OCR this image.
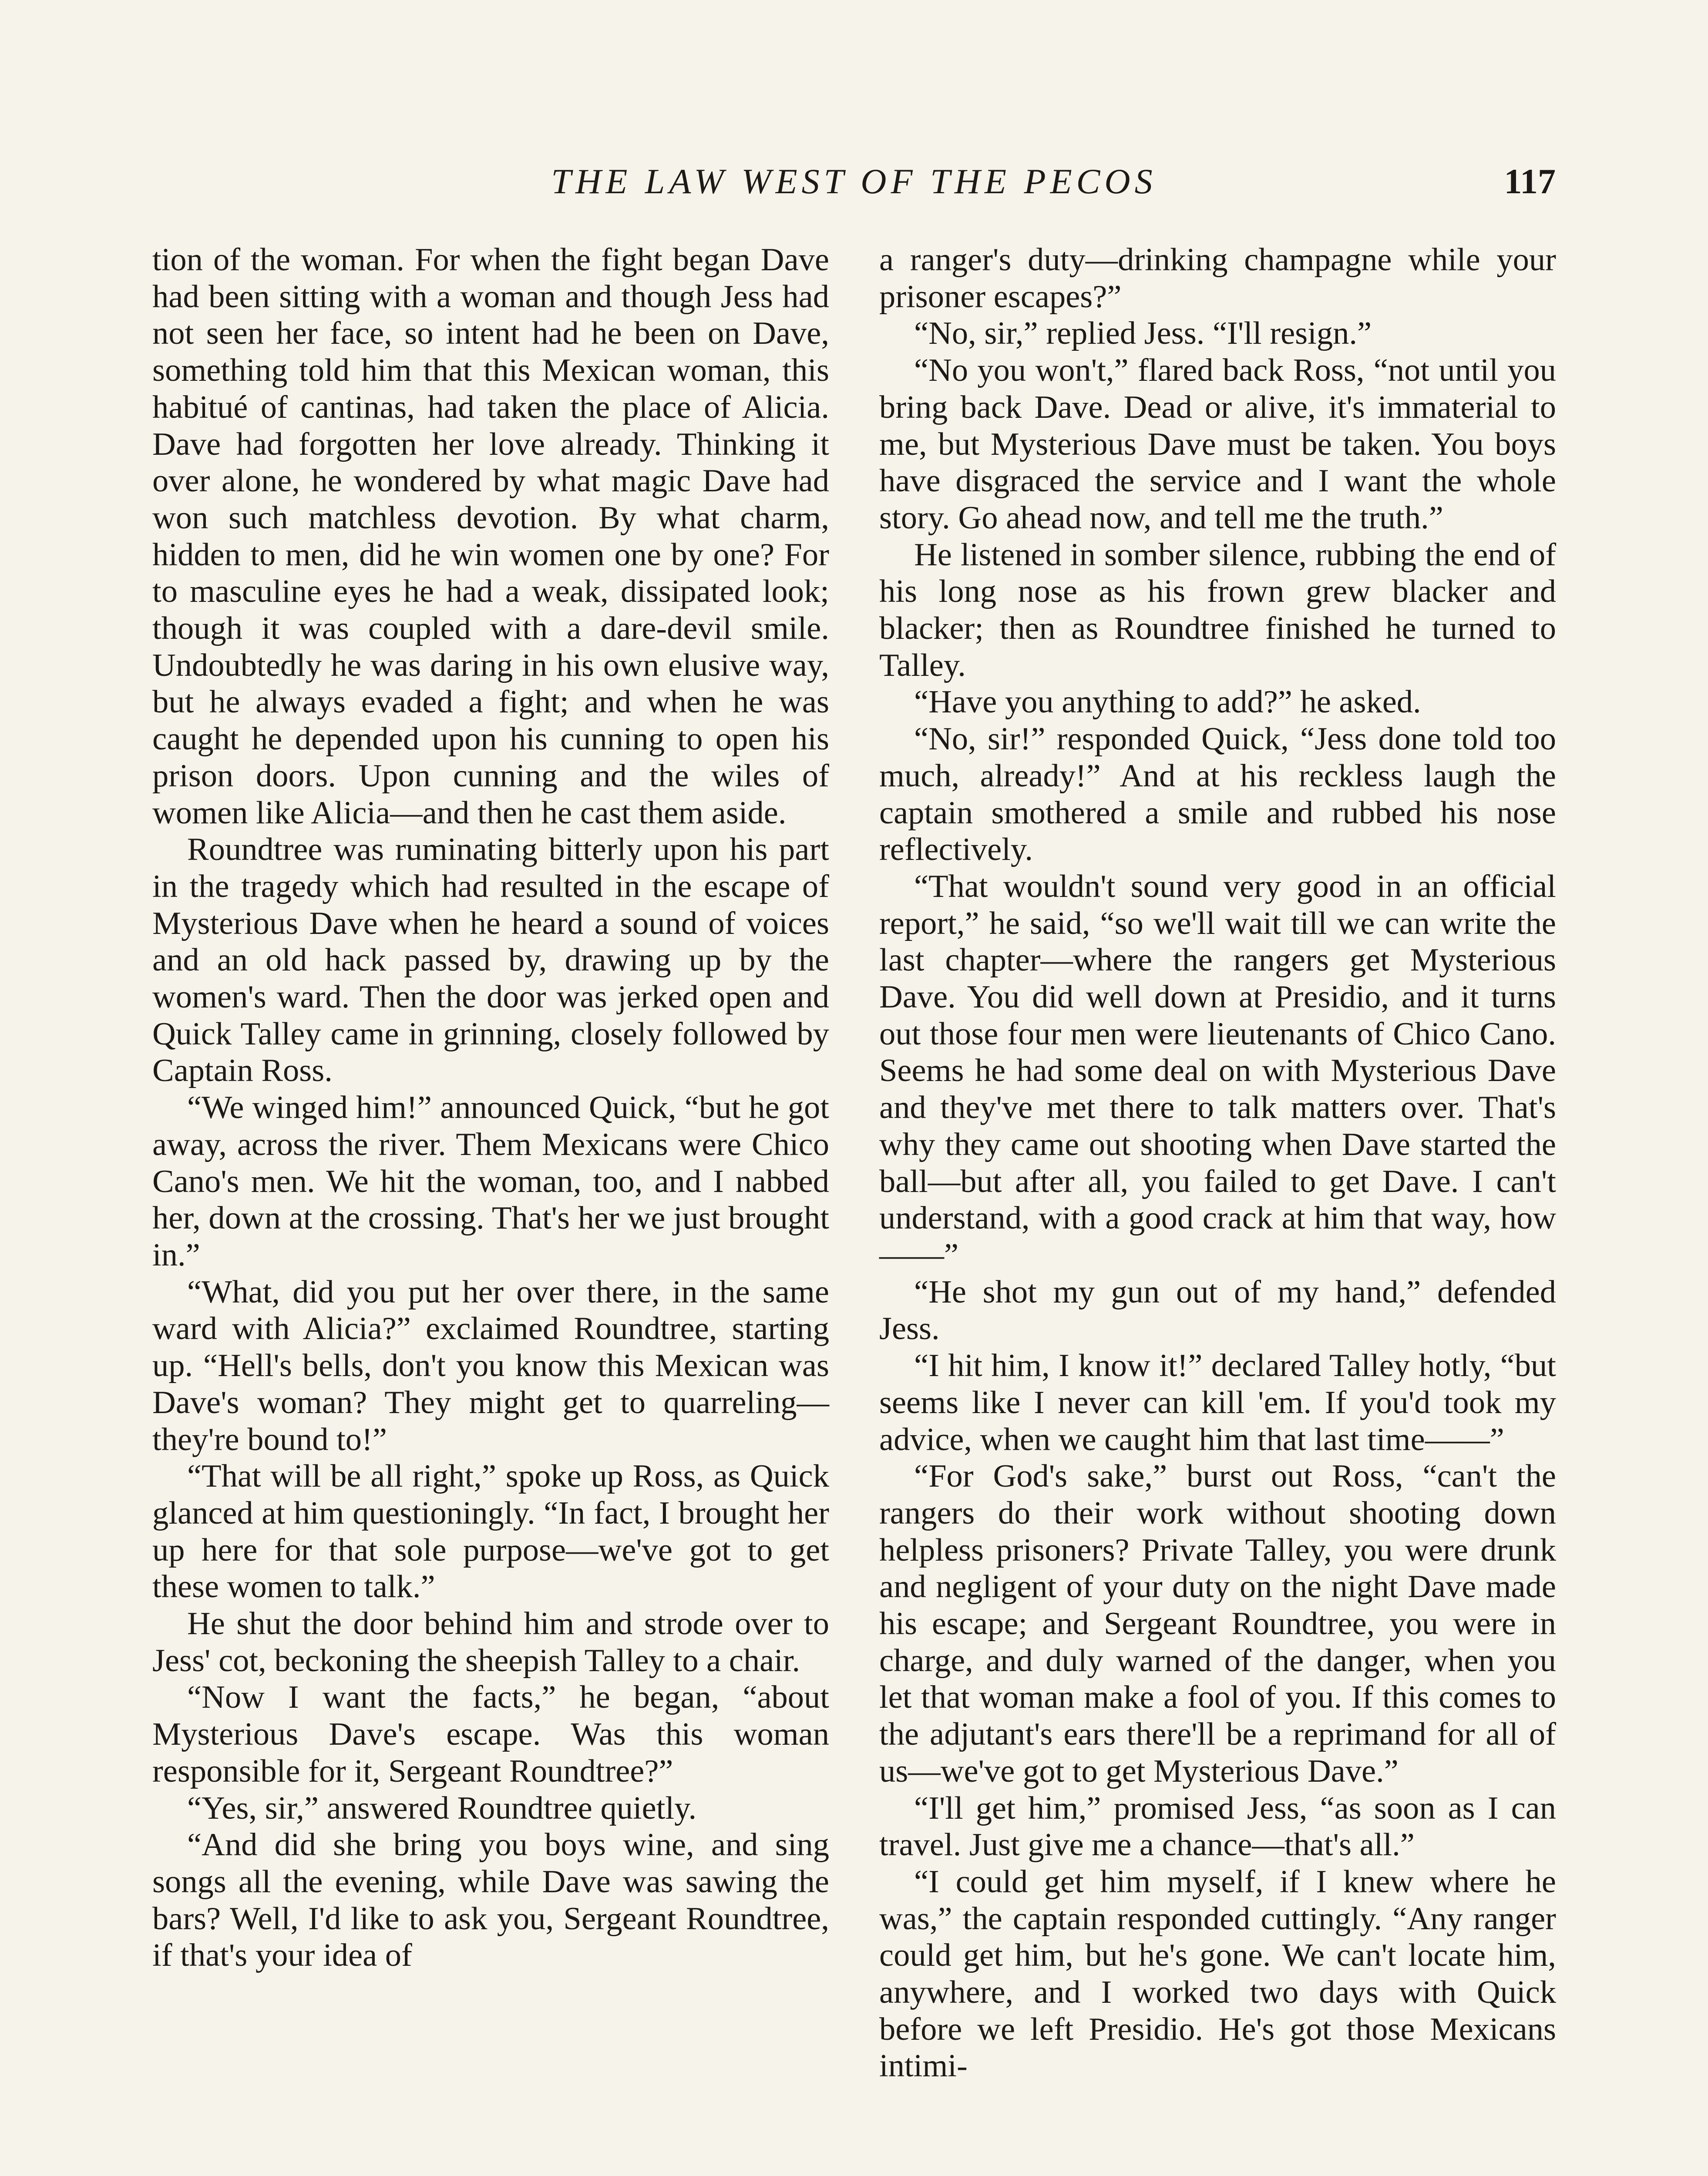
THE LAW WEST OF THE PECOS	117

tion of the woman. For when the fight began Dave had been sitting with a woman and though Jess had not seen her face, so intent had he been on Dave, something told him that this Mexican woman, this habitué of cantinas, had taken the place of Alicia. Dave had forgotten her love already. Thinking it over alone, he wondered by what magic Dave had won such matchless devotion. By what charm, hidden to men, did he win women one by one? For to masculine eyes he had a weak, dissipated look; though it was coupled with a dare-devil smile. Undoubtedly he was daring in his own elusive way, but he always evaded a fight; and when he was caught he depended upon his cunning to open his prison doors. Upon cunning and the wiles of women like Alicia—and then he cast them aside.

Roundtree was ruminating bitterly upon his part in the tragedy which had resulted in the escape of Mysterious Dave when he heard a sound of voices and an old hack passed by, drawing up by the women's ward. Then the door was jerked open and Quick Talley came in grinning, closely followed by Captain Ross.

“We winged him!” announced Quick, “but he got away, across the river. Them Mexicans were Chico Cano's men. We hit the woman, too, and I nabbed her, down at the crossing. That's her we just brought in.”

“What, did you put her over there, in the same ward with Alicia?” exclaimed Roundtree, starting up. “Hell's bells, don't you know this Mexican was Dave's woman? They might get to quarreling—they're bound to!”

“That will be all right,” spoke up Ross, as Quick glanced at him questioningly. “In fact, I brought her up here for that sole purpose—we've got to get these women to talk.”

He shut the door behind him and strode over to Jess' cot, beckoning the sheepish Talley to a chair.

“Now I want the facts,” he began, “about Mysterious Dave's escape. Was this woman responsible for it, Sergeant Roundtree?”

“Yes, sir,” answered Roundtree quietly.

“And did she bring you boys wine, and sing songs all the evening, while Dave was sawing the bars? Well, I'd like to ask you, Sergeant Roundtree, if that's your idea of

a ranger's duty—drinking champagne while your prisoner escapes?”

“No, sir,” replied Jess. “I'll resign.”

“No you won't,” flared back Ross, “not until you bring back Dave. Dead or alive, it's immaterial to me, but Mysterious Dave must be taken. You boys have disgraced the service and I want the whole story. Go ahead now, and tell me the truth.”

He listened in somber silence, rubbing the end of his long nose as his frown grew blacker and blacker; then as Roundtree finished he turned to Talley.

“Have you anything to add?” he asked.

“No, sir!” responded Quick, “Jess done told too much, already!” And at his reckless laugh the captain smothered a smile and rubbed his nose reflectively.

“That wouldn't sound very good in an official report,” he said, “so we'll wait till we can write the last chapter—where the rangers get Mysterious Dave. You did well down at Presidio, and it turns out those four men were lieutenants of Chico Cano. Seems he had some deal on with Mysterious Dave and they've met there to talk matters over. That's why they came out shooting when Dave started the ball—but after all, you failed to get Dave. I can't understand, with a good crack at him that way, how——”

“He shot my gun out of my hand,” defended Jess.

“I hit him, I know it!” declared Talley hotly, “but seems like I never can kill 'em. If you'd took my advice, when we caught him that last time——”

“For God's sake,” burst out Ross, “can't the rangers do their work without shooting down helpless prisoners? Private Talley, you were drunk and negligent of your duty on the night Dave made his escape; and Sergeant Roundtree, you were in charge, and duly warned of the danger, when you let that woman make a fool of you. If this comes to the adjutant's ears there'll be a reprimand for all of us—we've got to get Mysterious Dave.”

“I'll get him,” promised Jess, “as soon as I can travel. Just give me a chance—that's all.”

“I could get him myself, if I knew where he was,” the captain responded cuttingly. “Any ranger could get him, but he's gone. We can't locate him, anywhere, and I worked two days with Quick before we left Presidio. He's got those Mexicans intimi-
